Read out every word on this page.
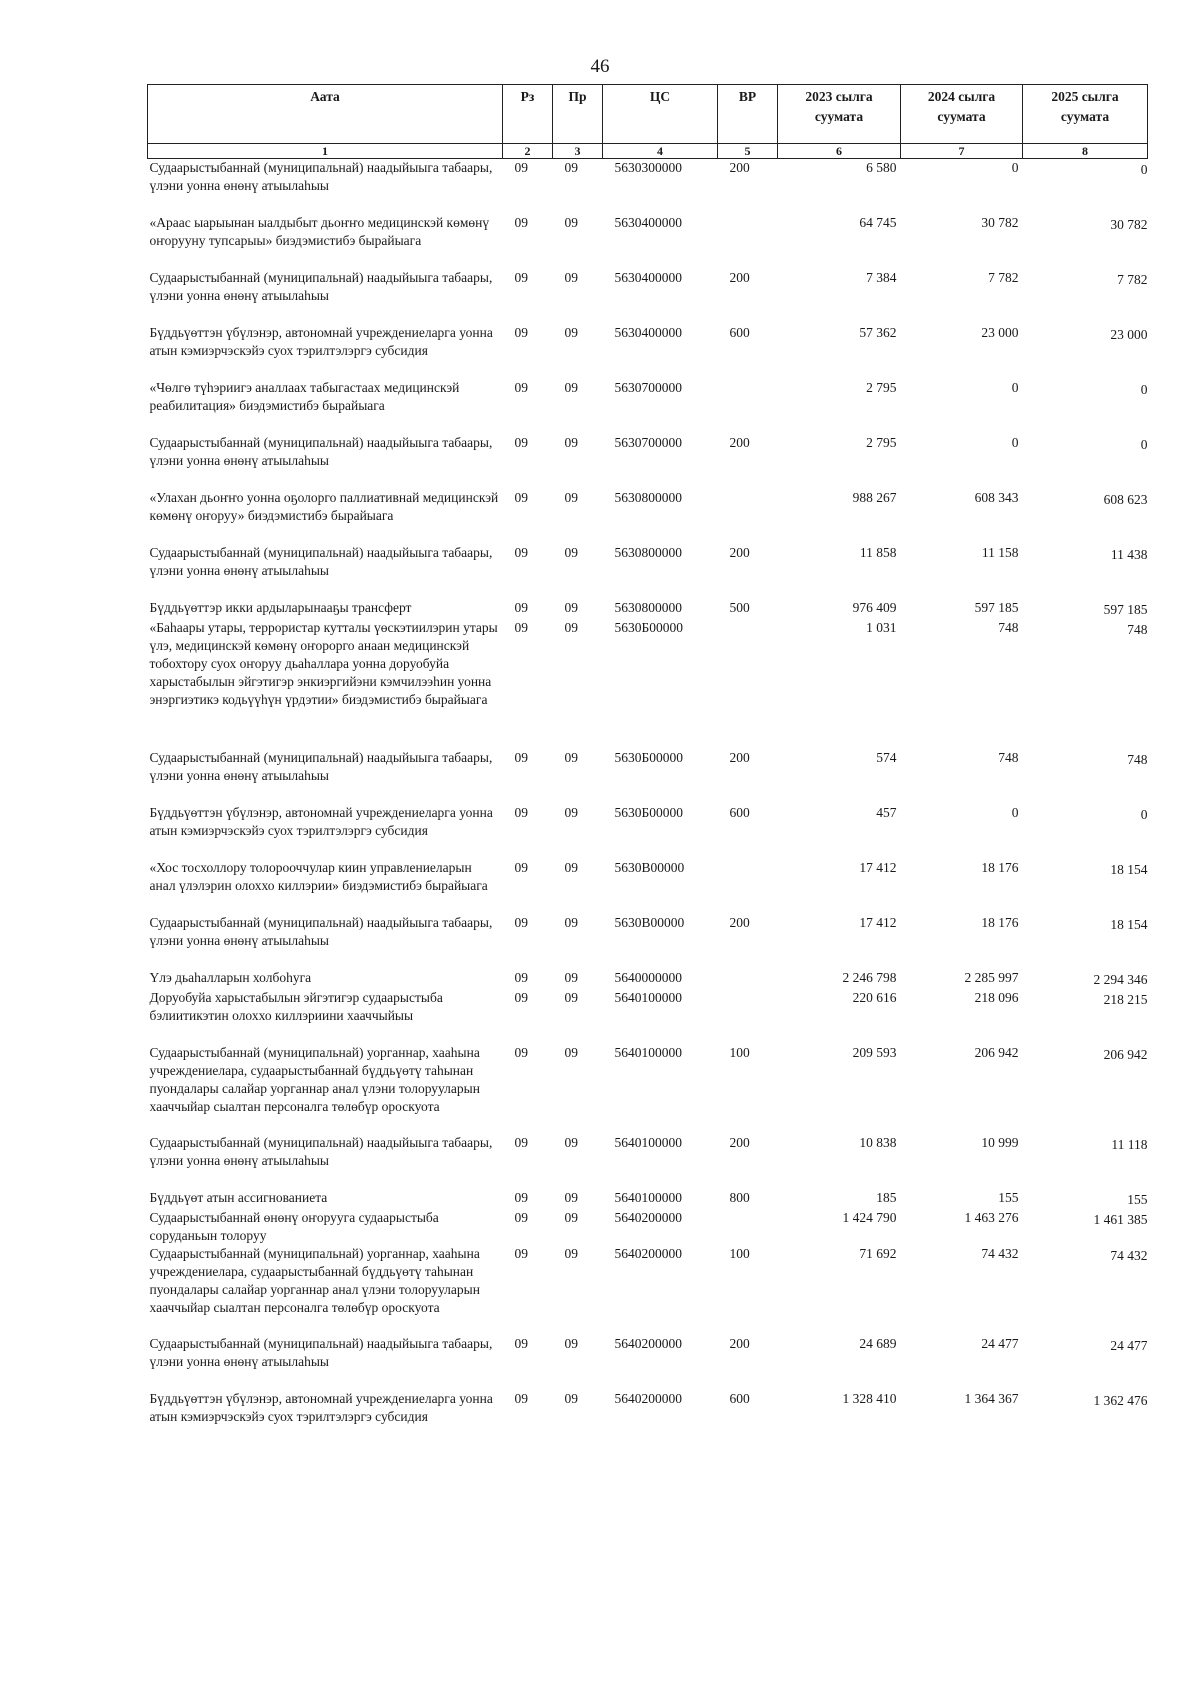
46
Аата	Рз	Пр	ЦС	ВР	2023 сылга суумата	2024 сылга суумата	2025 сылга суумата
1	2	3	4	5	6	7	8
Судаарыстыбаннай (муниципальнай) наадыйыыга табаары, үлэни уонна өнөнү атыылаһыы	09	09	5630300000	200	6 580	0	0
«Араас ыарыынан ыалдыбыт дьоҥҥо медицинскэй көмөнү оҥорууну тупсарыы» биэдэмистибэ бырайыага	09	09	5630400000		64 745	30 782	30 782
Судаарыстыбаннай (муниципальнай) наадыйыыга табаары, үлэни уонна өнөнү атыылаһыы	09	09	5630400000	200	7 384	7 782	7 782
Бүддьүөттэн үбүлэнэр, автономнай учреждениеларга уонна атын кэмиэрчэскэйэ суох тэрилтэлэргэ субсидия	09	09	5630400000	600	57 362	23 000	23 000
«Чөлгө түһэриигэ аналлаах табыгастаах медицинскэй реабилитация» биэдэмистибэ бырайыага	09	09	5630700000		2 795	0	0
Судаарыстыбаннай (муниципальнай) наадыйыыга табаары, үлэни уонна өнөнү атыылаһыы	09	09	5630700000	200	2 795	0	0
«Улахан дьоҥҥо уонна оҕолорго паллиативнай медицинскэй көмөнү оҥоруу» биэдэмистибэ бырайыага	09	09	5630800000		988 267	608 343	608 623
Судаарыстыбаннай (муниципальнай) наадыйыыга табаары, үлэни уонна өнөнү атыылаһыы	09	09	5630800000	200	11 858	11 158	11 438
Бүддьүөттэр икки ардыларынааҕы трансферт	09	09	5630800000	500	976 409	597 185	597 185
«Баһаары утары, террористар кутталы үөскэтиилэрин утары үлэ, медицинскэй көмөнү оҥорорго анаан медицинскэй тобохтору суох оҥоруу дьаһаллара уонна доруобуйа харыстабылын эйгэтигэр энкиэргийэни кэмчилээһин уонна энэргиэтикэ кодьүүһүн үрдэтии» биэдэмистибэ бырайыага	09	09	5630Б00000		1 031	748	748
Судаарыстыбаннай (муниципальнай) наадыйыыга табаары, үлэни уонна өнөнү атыылаһыы	09	09	5630Б00000	200	574	748	748
Бүддьүөттэн үбүлэнэр, автономнай учреждениеларга уонна атын кэмиэрчэскэйэ суох тэрилтэлэргэ субсидия	09	09	5630Б00000	600	457	0	0
«Хос тосхоллору толорооччулар киин управлениеларын анал үлэлэрин олоххо киллэрии» биэдэмистибэ бырайыага	09	09	5630В00000		17 412	18 176	18 154
Судаарыстыбаннай (муниципальнай) наадыйыыга табаары, үлэни уонна өнөнү атыылаһыы	09	09	5630В00000	200	17 412	18 176	18 154
Үлэ дьаһалларын холбоһуга	09	09	5640000000		2 246 798	2 285 997	2 294 346
Доруобуйа харыстабылын эйгэтигэр судаарыстыба бэлиитикэтин олоххо киллэриини хааччыйыы	09	09	5640100000		220 616	218 096	218 215
Судаарыстыбаннай (муниципальнай) уорганнар, хааһына учреждениелара, судаарыстыбаннай бүддьүөтү таһынан пуондалары салайар уорганнар анал үлэни толорууларын хааччыйар сыалтан персоналга төлөбүр ороскуота	09	09	5640100000	100	209 593	206 942	206 942
Судаарыстыбаннай (муниципальнай) наадыйыыга табаары, үлэни уонна өнөнү атыылаһыы	09	09	5640100000	200	10 838	10 999	11 118
Бүддьүөт атын ассигнованиета	09	09	5640100000	800	185	155	155
Судаарыстыбаннай өнөнү оҥорууга судаарыстыба соруданьын толоруу	09	09	5640200000		1 424 790	1 463 276	1 461 385
Судаарыстыбаннай (муниципальнай) уорганнар, хааһына учреждениелара, судаарыстыбаннай бүддьүөтү таһынан пуондалары салайар уорганнар анал үлэни толорууларын хааччыйар сыалтан персоналга төлөбүр ороскуота	09	09	5640200000	100	71 692	74 432	74 432
Судаарыстыбаннай (муниципальнай) наадыйыыга табаары, үлэни уонна өнөнү атыылаһыы	09	09	5640200000	200	24 689	24 477	24 477
Бүддьүөттэн үбүлэнэр, автономнай учреждениеларга уонна атын кэмиэрчэскэйэ суох тэрилтэлэргэ субсидия	09	09	5640200000	600	1 328 410	1 364 367	1 362 476
